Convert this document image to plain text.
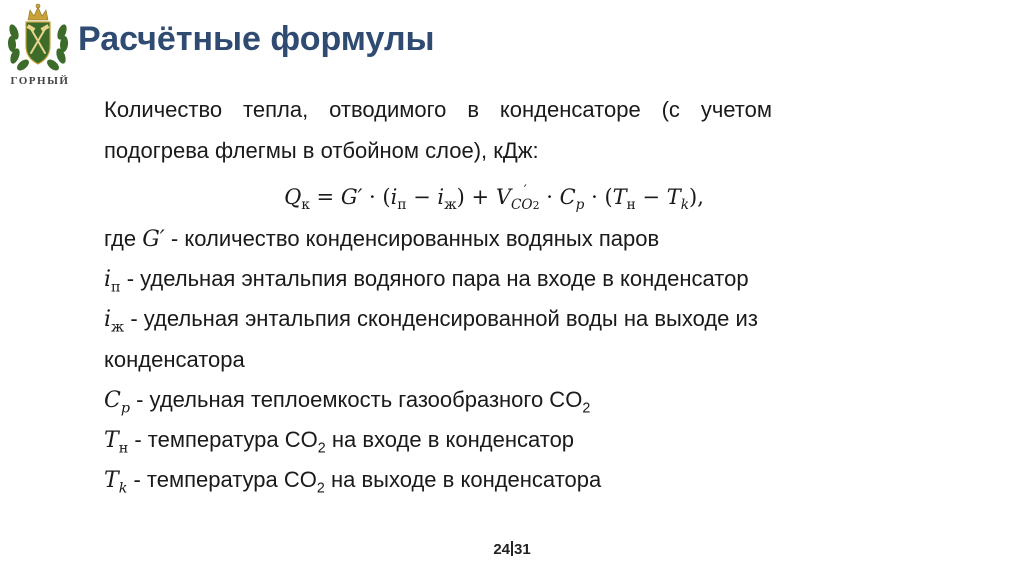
ГОРНЫЙ
Расчётные формулы

Количество тепла, отводимого в конденсаторе (с учетом подогрева флегмы в отбойном слое), кДж:

$Q_к = G' \cdot (i_п - i_ж) + V$ ′
$CO2 \cdot C_p \cdot (T_н - T_k)$,

где G′ - количество конденсированных водяных паров

$i_п$ - удельная энтальпия водяного пара на входе в конденсатор

$i_ж$ - удельная энтальпия сконденсированной воды на выходе из конденсатора

$C_p$ - удельная теплоемкость газообразного $CO_2$

$T_н$ - температура $CO_2$ на входе в конденсатор

$T_k$ - температура $CO_2$ на выходе в конденсатора

24 31
